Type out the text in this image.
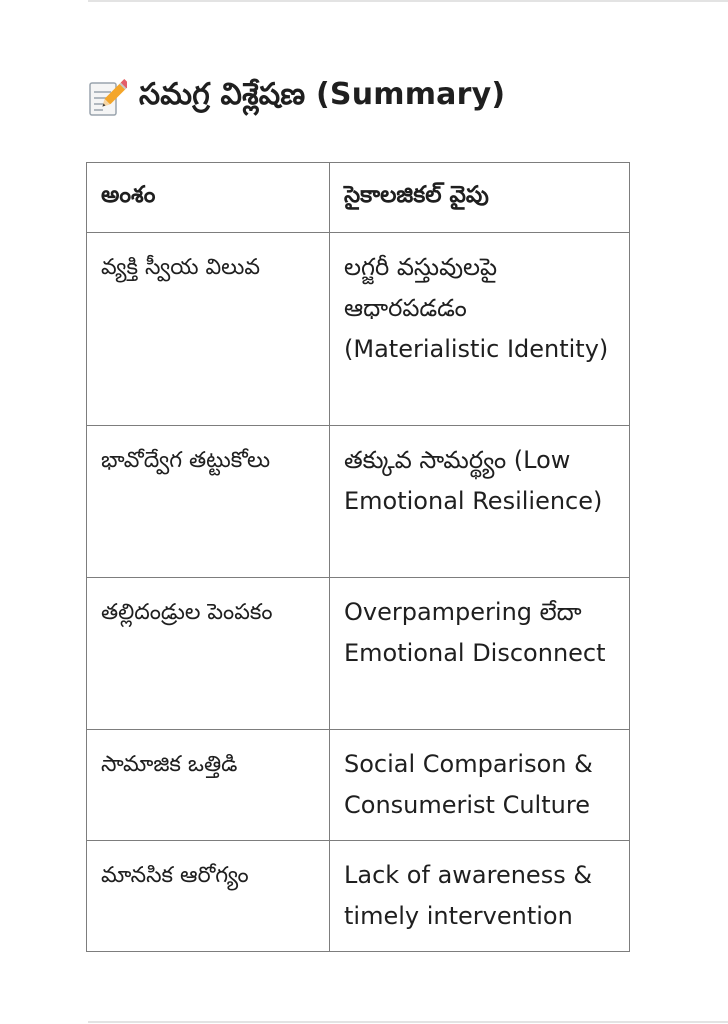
సమగ్ర విశ్లేషణ (Summary)
అంశం	సైకాలజికల్ వైపు
వ్యక్తి స్వీయ విలువ	లగ్జరీ వస్తువులపై ఆధారపడడం (Materialistic Identity)
భావోద్వేగ తట్టుకోలు	తక్కువ సామర్థ్యం (Low Emotional Resilience)
తల్లిదండ్రుల పెంపకం	Overpampering లేదా Emotional Disconnect
సామాజిక ఒత్తిడి	Social Comparison & Consumerist Culture
మానసిక ఆరోగ్యం	Lack of awareness & timely intervention
